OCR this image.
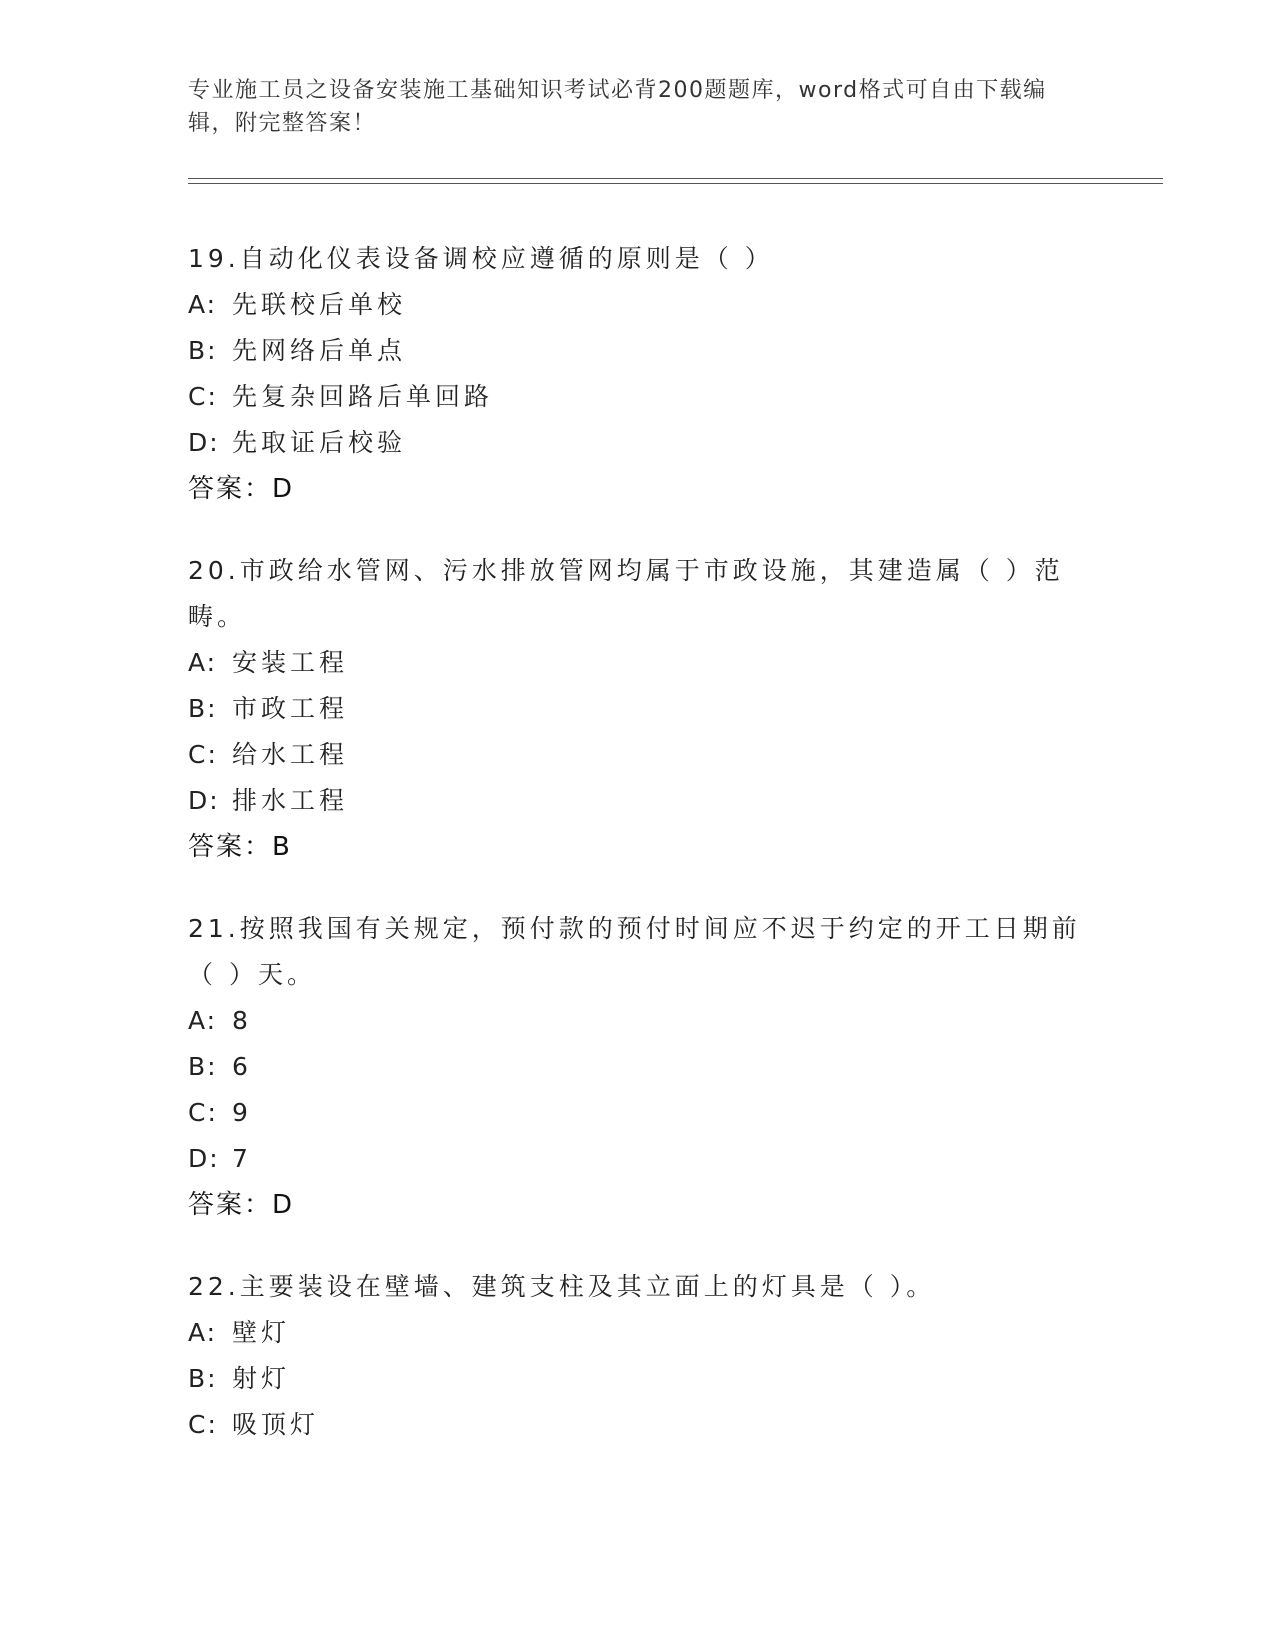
专业施工员之设备安装施工基础知识考试必背200题题库，word格式可自由下载编辑，附完整答案！
19.自动化仪表设备调校应遵循的原则是（ ）
A: 先联校后单校
B: 先网络后单点
C: 先复杂回路后单回路
D: 先取证后校验
答案：D
20.市政给水管网、污水排放管网均属于市政设施，其建造属（ ）范畴。
A: 安装工程
B: 市政工程
C: 给水工程
D: 排水工程
答案：B
21.按照我国有关规定，预付款的预付时间应不迟于约定的开工日期前（ ）天。
A: 8
B: 6
C: 9
D: 7
答案：D
22.主要装设在壁墙、建筑支柱及其立面上的灯具是（ ）。
A: 壁灯
B: 射灯
C: 吸顶灯
